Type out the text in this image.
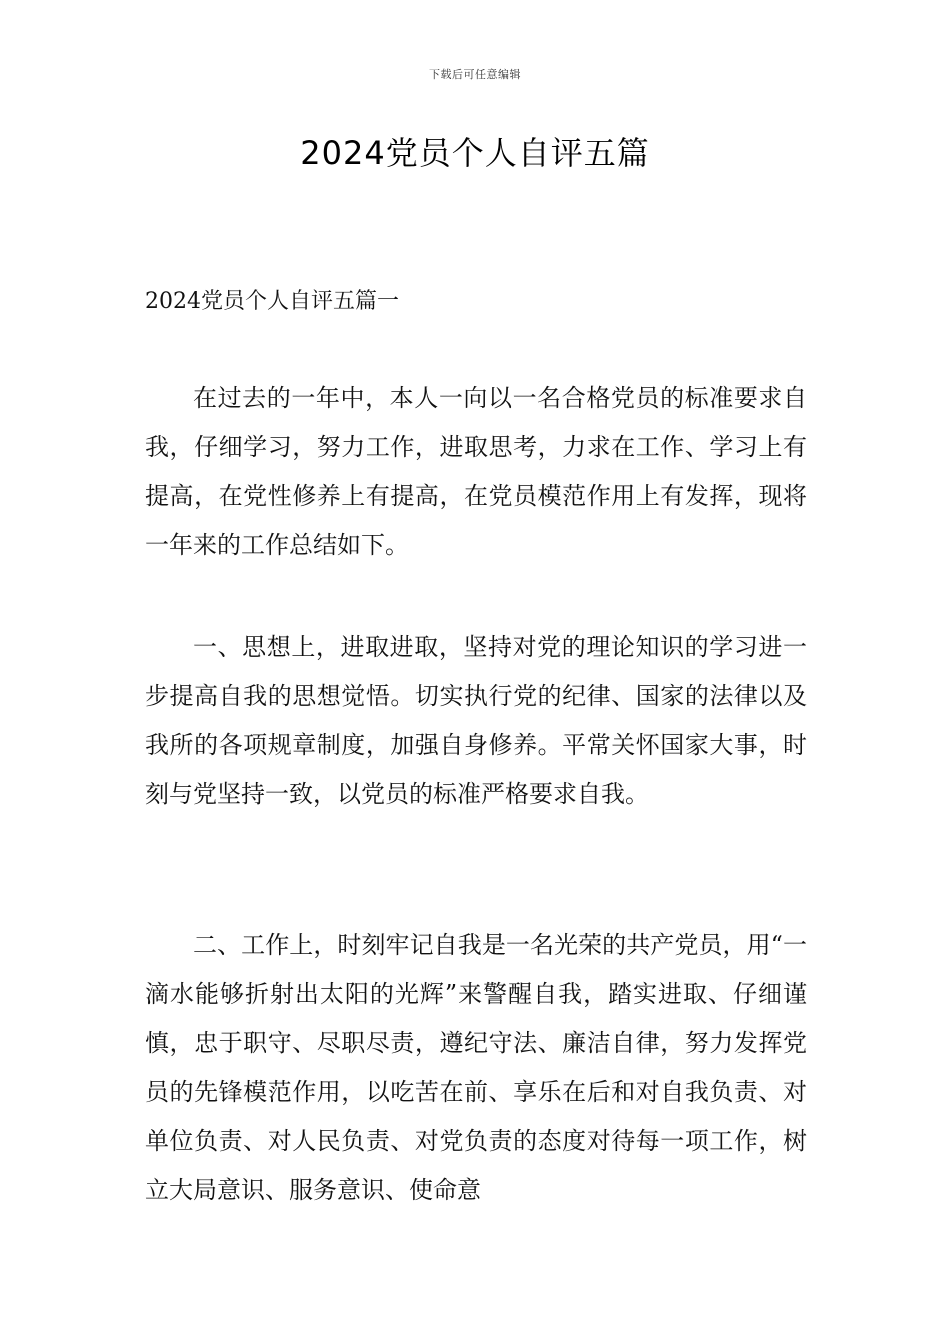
下载后可任意编辑
2024党员个人自评五篇
2024党员个人自评五篇一

在过去的一年中，本人一向以一名合格党员的标准要求自我，仔细学习，努力工作，进取思考，力求在工作、学习上有提高，在党性修养上有提高，在党员模范作用上有发挥，现将一年来的工作总结如下。

一、思想上，进取进取，坚持对党的理论知识的学习进一步提高自我的思想觉悟。切实执行党的纪律、国家的法律以及我所的各项规章制度，加强自身修养。平常关怀国家大事，时刻与党坚持一致，以党员的标准严格要求自我。

二、工作上，时刻牢记自我是一名光荣的共产党员，用“一滴水能够折射出太阳的光辉”来警醒自我，踏实进取、仔细谨慎，忠于职守、尽职尽责，遵纪守法、廉洁自律，努力发挥党员的先锋模范作用，以吃苦在前、享乐在后和对自我负责、对单位负责、对人民负责、对党负责的态度对待每一项工作，树立大局意识、服务意识、使命意
